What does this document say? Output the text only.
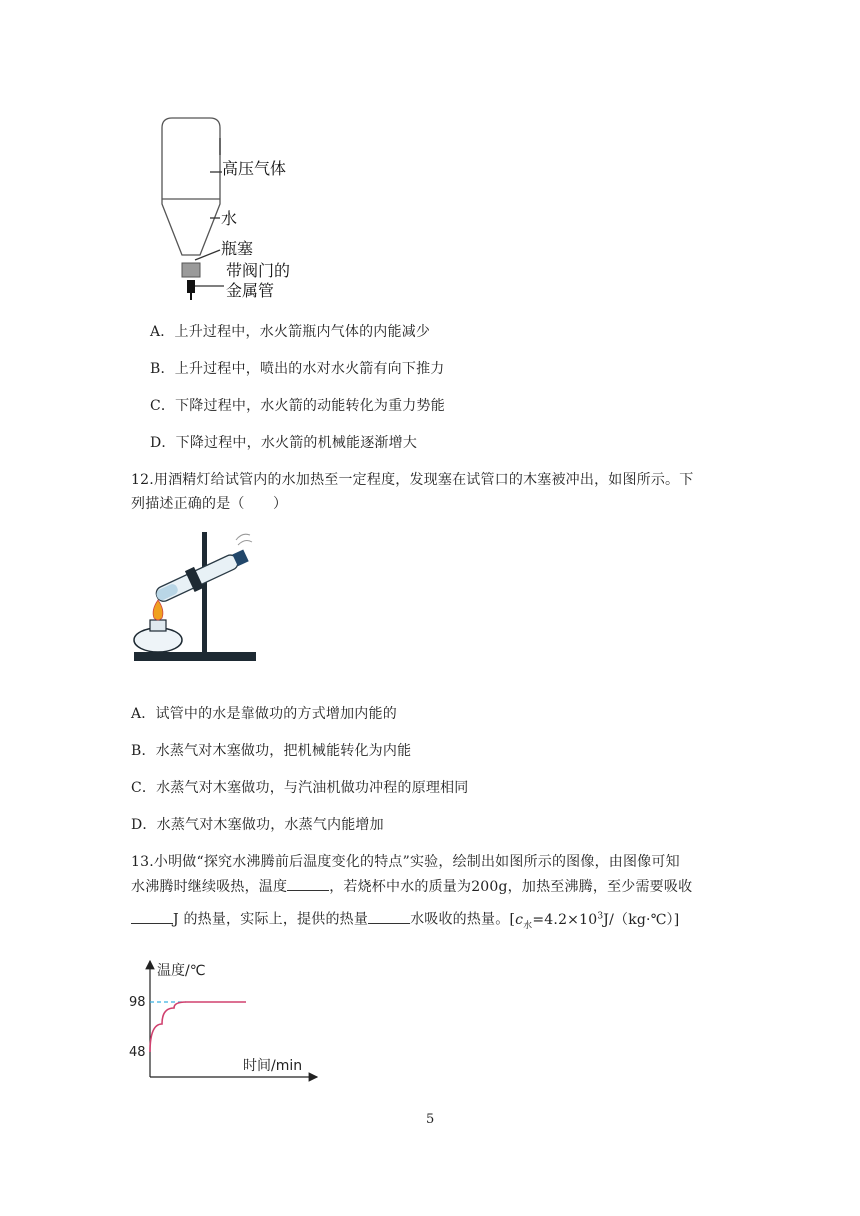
高压气体
水
瓶塞
带阀门的
金属管
A．上升过程中，水火箭瓶内气体的内能减少
B．上升过程中，喷出的水对水火箭有向下推力
C．下降过程中，水火箭的动能转化为重力势能
D．下降过程中，水火箭的机械能逐渐增大
12.用酒精灯给试管内的水加热至一定程度，发现塞在试管口的木塞被冲出，如图所示。下
列描述正确的是（　　）
A．试管中的水是靠做功的方式增加内能的
B．水蒸气对木塞做功，把机械能转化为内能
C．水蒸气对木塞做功，与汽油机做功冲程的原理相同
D．水蒸气对木塞做功，水蒸气内能增加
13.小明做“探究水沸腾前后温度变化的特点”实验，绘制出如图所示的图像，由图像可知
水沸腾时继续吸热，温度	，若烧杯中水的质量为200g，加热至沸腾，至少需要吸收
J 的热量，实际上，提供的热量	水吸收的热量。$[c_水=4.2\times 10^3J/(kg\cdot℃)]$
温度/℃
时间/min
98
48
5
